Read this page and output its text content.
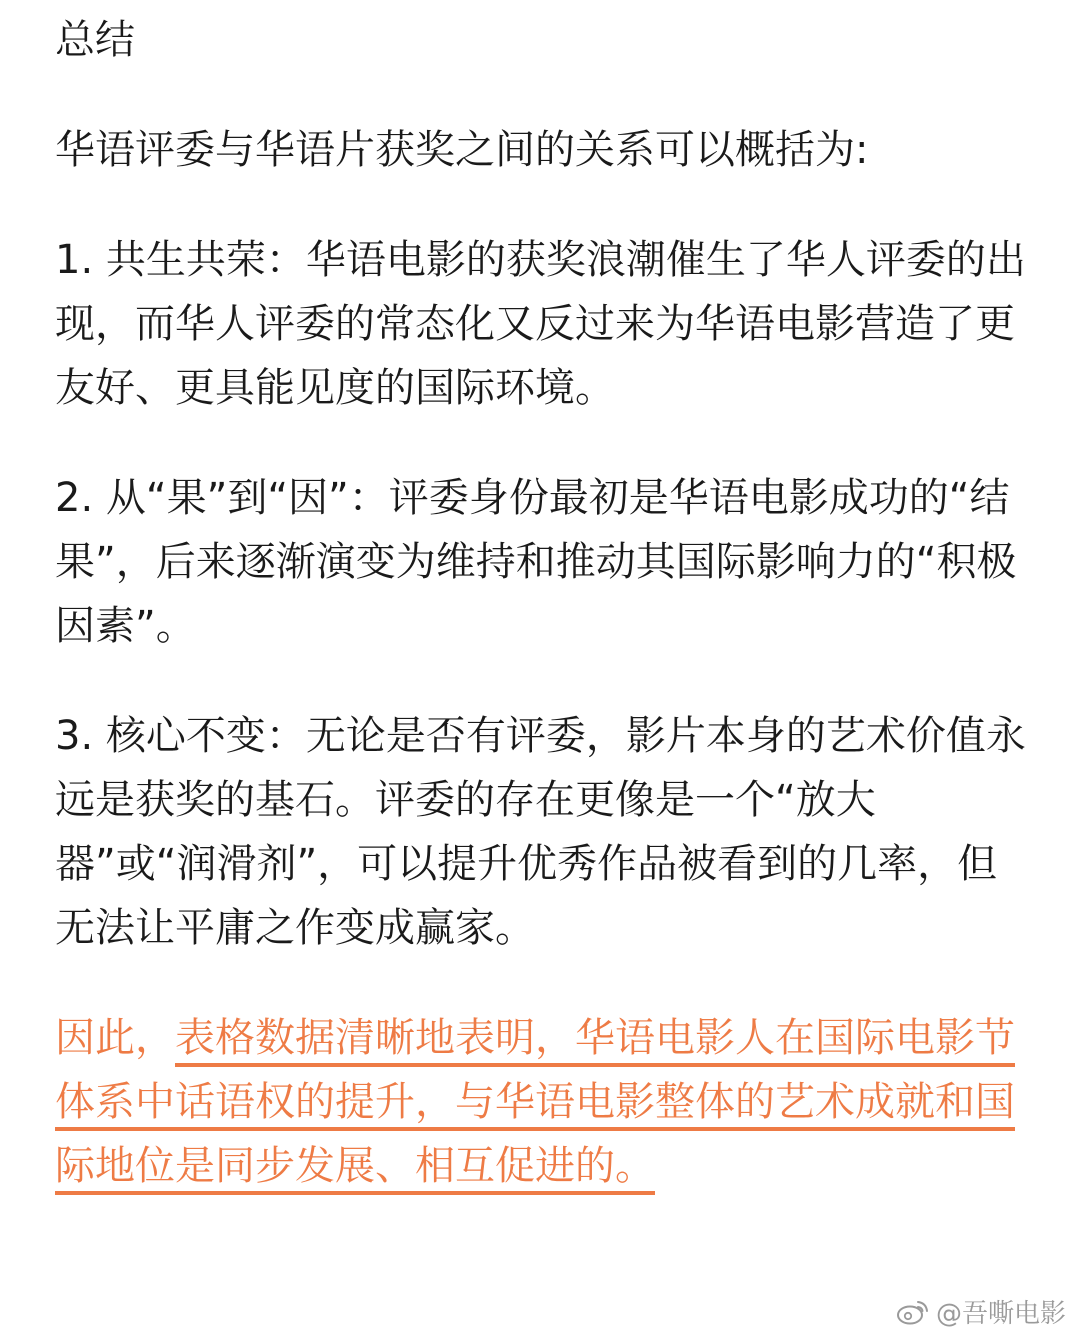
总结
华语评委与华语片获奖之间的关系可以概括为:
1. 共生共荣：华语电影的获奖浪潮催生了华人评委的出现，而华人评委的常态化又反过来为华语电影营造了更友好、更具能见度的国际环境。
2. 从“果”到“因”：评委身份最初是华语电影成功的“结果”，后来逐渐演变为维持和推动其国际影响力的“积极因素”。
3. 核心不变：无论是否有评委，影片本身的艺术价值永远是获奖的基石。评委的存在更像是一个“放大器”或“润滑剂”，可以提升优秀作品被看到的几率，但无法让平庸之作变成赢家。

因此，表格数据清晰地表明，华语电影人在国际电影节体系中话语权的提升，与华语电影整体的艺术成就和国际地位是同步发展、相互促进的。

@吾嘶电影
